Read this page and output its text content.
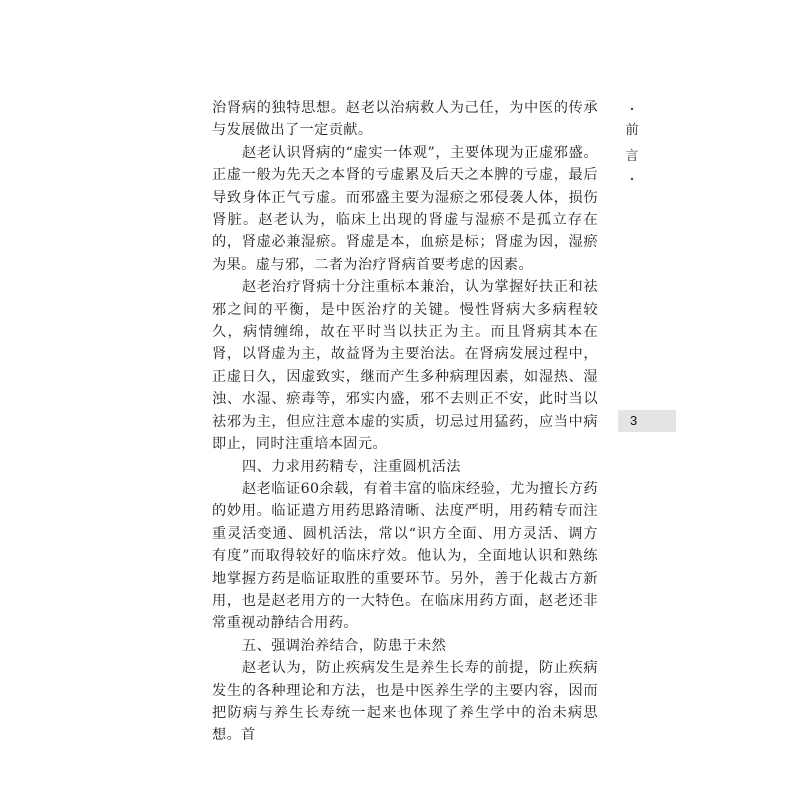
治肾病的独特思想。赵老以治病救人为己任，为中医的传承与发展做出了一定贡献。

赵老认识肾病的“虚实一体观”，主要体现为正虚邪盛。正虚一般为先天之本肾的亏虚累及后天之本脾的亏虚，最后导致身体正气亏虚。而邪盛主要为湿瘀之邪侵袭人体，损伤肾脏。赵老认为，临床上出现的肾虚与湿瘀不是孤立存在的，肾虚必兼湿瘀。肾虚是本，血瘀是标；肾虚为因，湿瘀为果。虚与邪，二者为治疗肾病首要考虑的因素。

赵老治疗肾病十分注重标本兼治，认为掌握好扶正和祛邪之间的平衡，是中医治疗的关键。慢性肾病大多病程较久，病情缠绵，故在平时当以扶正为主。而且肾病其本在肾，以肾虚为主，故益肾为主要治法。在肾病发展过程中，正虚日久，因虚致实，继而产生多种病理因素，如湿热、湿浊、水湿、瘀毒等，邪实内盛，邪不去则正不安，此时当以祛邪为主，但应注意本虚的实质，切忌过用猛药，应当中病即止，同时注重培本固元。

四、力求用药精专，注重圆机活法

赵老临证60余载，有着丰富的临床经验，尤为擅长方药的妙用。临证遣方用药思路清晰、法度严明，用药精专而注重灵活变通、圆机活法，常以“识方全面、用方灵活、调方有度”而取得较好的临床疗效。他认为，全面地认识和熟练地掌握方药是临证取胜的重要环节。另外，善于化裁古方新用，也是赵老用方的一大特色。在临床用药方面，赵老还非常重视动静结合用药。

五、强调治养结合，防患于未然

赵老认为，防止疾病发生是养生长寿的前提，防止疾病发生的各种理论和方法，也是中医养生学的主要内容，因而把防病与养生长寿统一起来也体现了养生学中的治未病思想。首

·
前
言
·
3
